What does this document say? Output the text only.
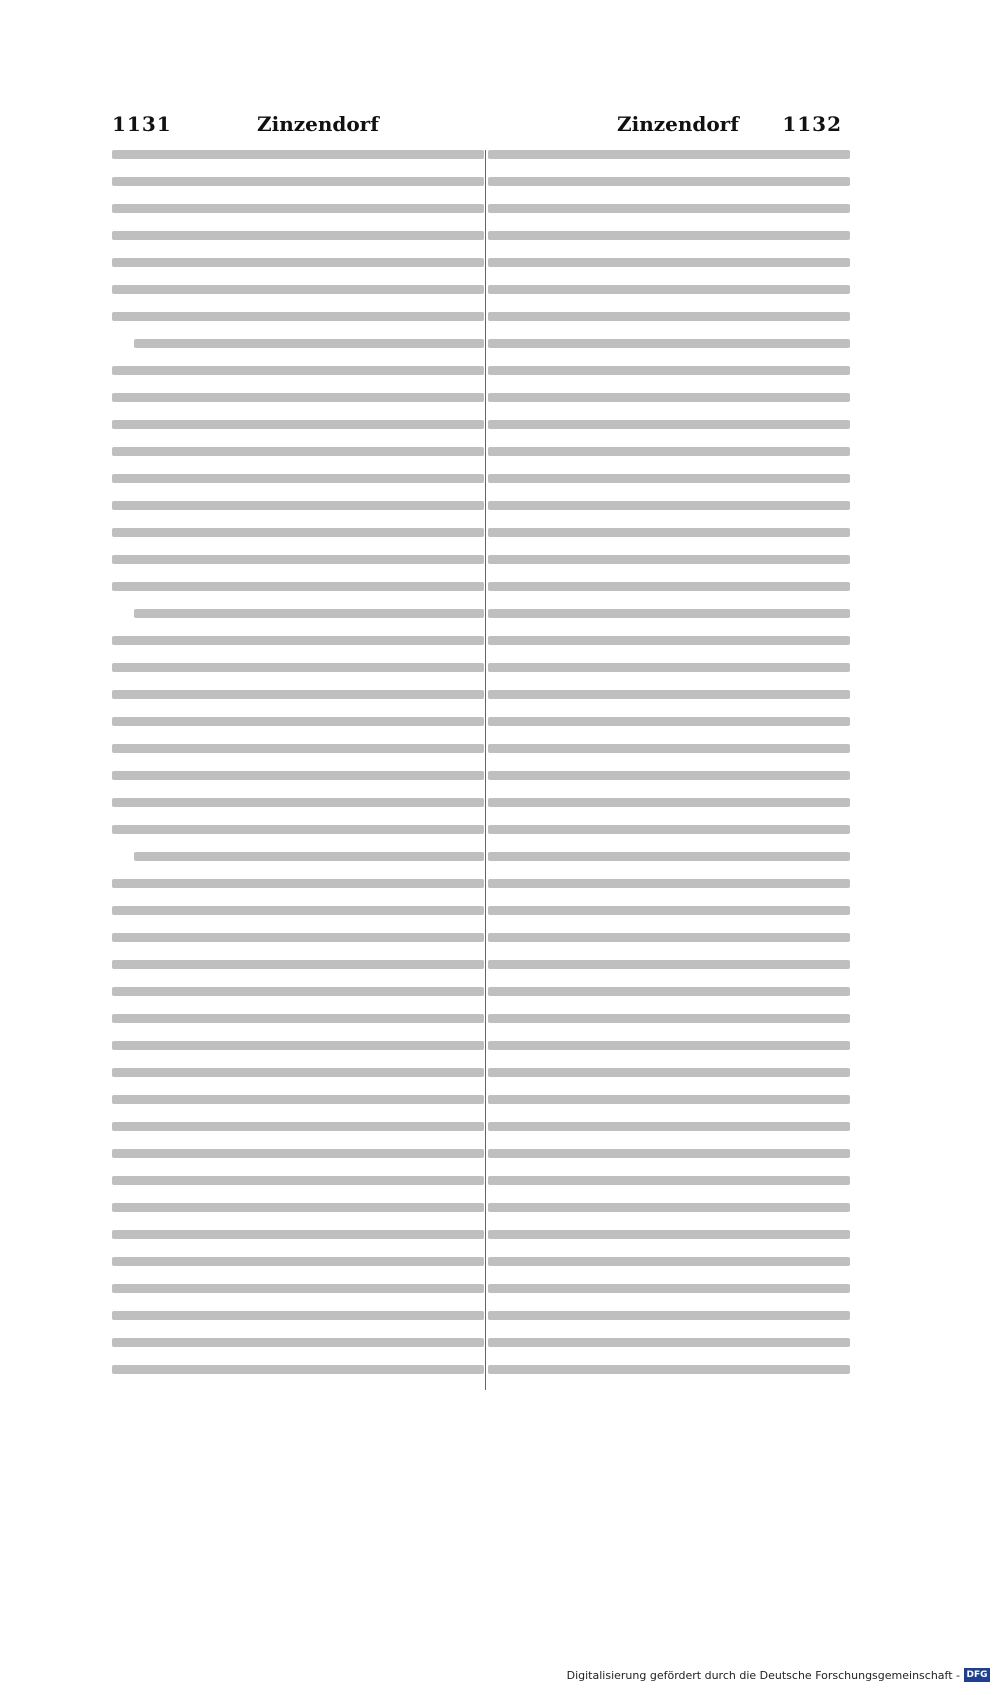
1131	Zinzendorf	Zinzendorf 1132
Digitalisierung gefördert durch die Deutsche Forschungsgemeinschaft - DFG
